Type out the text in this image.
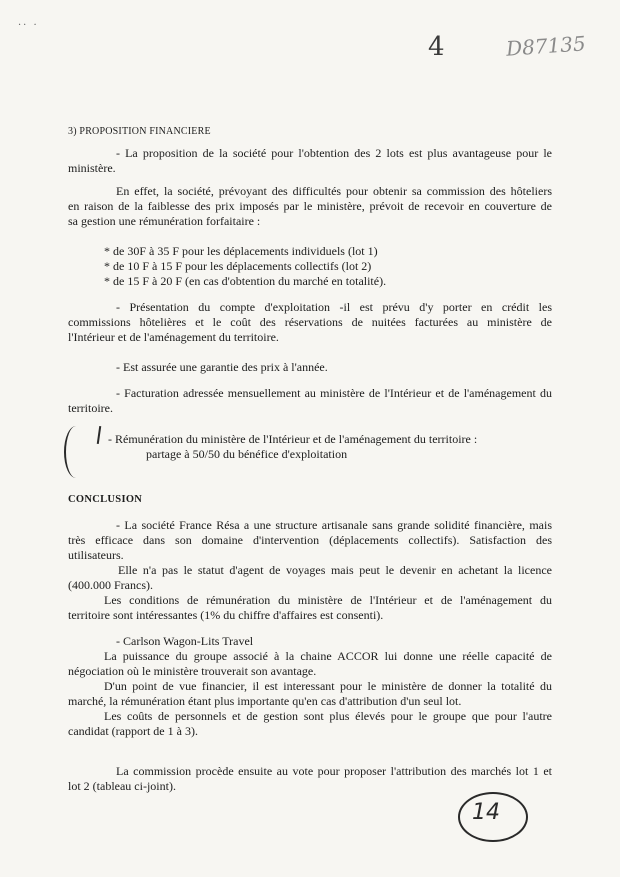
·· ·
4	D87135
3) PROPOSITION FINANCIERE
- La proposition de la société pour l'obtention des 2 lots est plus avantageuse pour le
ministère.
En effet, la société, prévoyant des difficultés pour obtenir sa commission des hôteliers
en raison de la faiblesse des prix imposés par le ministère, prévoit de recevoir en couverture de
sa gestion une rémunération forfaitaire :
* de 30F à 35 F pour les déplacements individuels (lot 1)
* de 10 F à 15 F pour les déplacements collectifs (lot 2)
* de 15 F à 20 F (en cas d'obtention du marché en totalité).
- Présentation du compte d'exploitation -il est prévu d'y porter en crédit les
commissions hôtelières et le coût des réservations de nuitées facturées au ministère de
l'Intérieur et de l'aménagement du territoire.
- Est assurée une garantie des prix à l'année.
- Facturation adressée mensuellement au ministère de l'Intérieur et de l'aménagement du
territoire.
- Rémunération du ministère de l'Intérieur et de l'aménagement du territoire :
partage à 50/50 du bénéfice d'exploitation
CONCLUSION
- La société France Résa a une structure artisanale sans grande solidité financière, mais
très efficace dans son domaine d'intervention (déplacements collectifs). Satisfaction des
utilisateurs.
Elle n'a pas le statut d'agent de voyages mais peut le devenir en achetant la licence
(400.000 Francs).
Les conditions de rémunération du ministère de l'Intérieur et de l'aménagement du
territoire sont intéressantes (1% du chiffre d'affaires est consenti).
- Carlson Wagon-Lits Travel
La puissance du groupe associé à la chaine ACCOR lui donne une réelle capacité de
négociation où le ministère trouverait son avantage.
D'un point de vue financier, il est interessant pour le ministère de donner la totalité du
marché, la rémunération étant plus importante qu'en cas d'attribution d'un seul lot.
Les coûts de personnels et de gestion sont plus élevés pour le groupe que pour l'autre
candidat (rapport de 1 à 3).
La commission procède ensuite au vote pour proposer l'attribution des marchés lot 1 et
lot 2 (tableau ci-joint).
14
